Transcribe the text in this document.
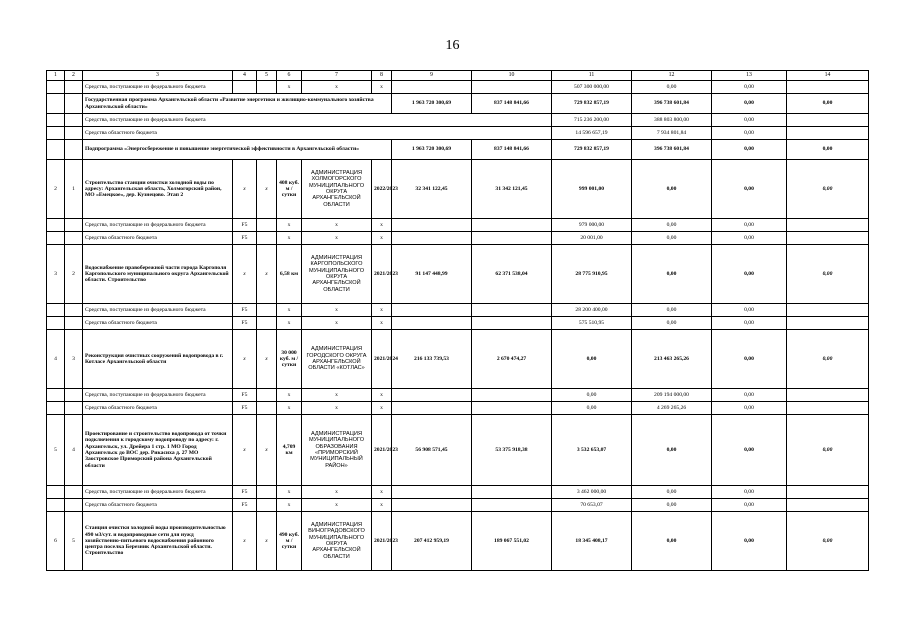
16
1	2	3	4	5	6	7	8	9	10	11	12	13	14
		Средства, поступающие из федерального бюджета			х	х	х			507 300 000,00	0,00	0,00	
		Государственная программа Архангельской области «Развитие энергетики и жилищно-коммунального хозяйства Архангельской области»						1 963 720 300,69	837 148 841,66	729 832 857,19	396 738 601,84	0,00	0,00
		Средства, поступающие из федерального бюджета								715 236 200,00	388 803 800,00	0,00	
		Средства областного бюджета								14 596 657,19	7 934 801,84	0,00	
		Подпрограмма «Энергосбережение и повышение энергетической эффективности в Архангельской области»						1 963 720 300,69	837 148 841,66	729 832 857,19	396 738 601,84	0,00	0,00
2	1	Строительство станции очистки холодной воды по адресу: Архангельская область, Холмогорский район, МО «Емецкое», дер. Кузнецово. Этап 2	х	х	408 куб. м / сутки	АДМИНИСТРАЦИЯ ХОЛМОГОРСКОГО МУНИЦИПАЛЬНОГО ОКРУГА АРХАНГЕЛЬСКОЙ ОБЛАСТИ	2022/2023	32 341 122,45	31 342 121,45	999 001,00	0,00	0,00	0,00
		Средства, поступающие из федерального бюджета	F5		х	х	х			979 000,00	0,00	0,00	
		Средства областного бюджета	F5		х	х	х			20 001,00	0,00	0,00	
3	2	Водоснабжение правобережной части города Каргополя Каргопольского муниципального округа Архангельской области. Строительство	х	х	6,58 км	АДМИНИСТРАЦИЯ КАРГОПОЛЬСКОГО МУНИЦИПАЛЬНОГО ОКРУГА АРХАНГЕЛЬСКОЙ ОБЛАСТИ	2021/2023	91 147 448,99	62 371 538,04	28 775 910,95	0,00	0,00	0,00
		Средства, поступающие из федерального бюджета	F5		х	х	х			28 200 400,00	0,00	0,00	
		Средства областного бюджета	F5		х	х	х			575 510,95	0,00	0,00	
4	3	Реконструкция очистных сооружений водопровода в г. Котласе Архангельской области	х	х	30 000 куб. м / сутки	АДМИНИСТРАЦИЯ ГОРОДСКОГО ОКРУГА АРХАНГЕЛЬСКОЙ ОБЛАСТИ «КОТЛАС»	2021/2024	216 133 739,53	2 670 474,27	0,00	213 463 265,26	0,00	0,00
		Средства, поступающие из федерального бюджета	F5		х	х	х			0,00	209 194 000,00	0,00	
		Средства областного бюджета	F5		х	х	х			0,00	4 269 265,26	0,00	
5	4	Проектирование и строительство водопровода от точки подключения к городскому водопроводу по адресу: г. Архангельск, ул. Дрейера 1 стр. 1 МО Город Архангельск до ВОС дер. Рикасиха д. 27 МО Заостровское Приморский района Архангельской области	х	х	4,709 км	АДМИНИСТРАЦИЯ МУНИЦИПАЛЬНОГО ОБРАЗОВАНИЯ «ПРИМОРСКИЙ МУНИЦИПАЛЬНЫЙ РАЙОН»	2021/2023	56 908 571,45	53 375 918,38	3 532 653,07	0,00	0,00	0,00
		Средства, поступающие из федерального бюджета	F5		х	х	х			3 462 000,00	0,00	0,00	
		Средства областного бюджета	F5		х	х	х			70 653,07	0,00	0,00	
6	5	Станция очистки холодной воды производительностью 490 м3/сут. и водопроводные сети для нужд хозяйственно-питьевого водоснабжения районного центра поселка Березник Архангельской области. Строительство	х	х	490 куб. м / сутки	АДМИНИСТРАЦИЯ ВИНОГРАДОВСКОГО МУНИЦИПАЛЬНОГО ОКРУГА АРХАНГЕЛЬСКОЙ ОБЛАСТИ	2021/2023	207 412 959,19	189 067 551,02	18 345 408,17	0,00	0,00	0,00
